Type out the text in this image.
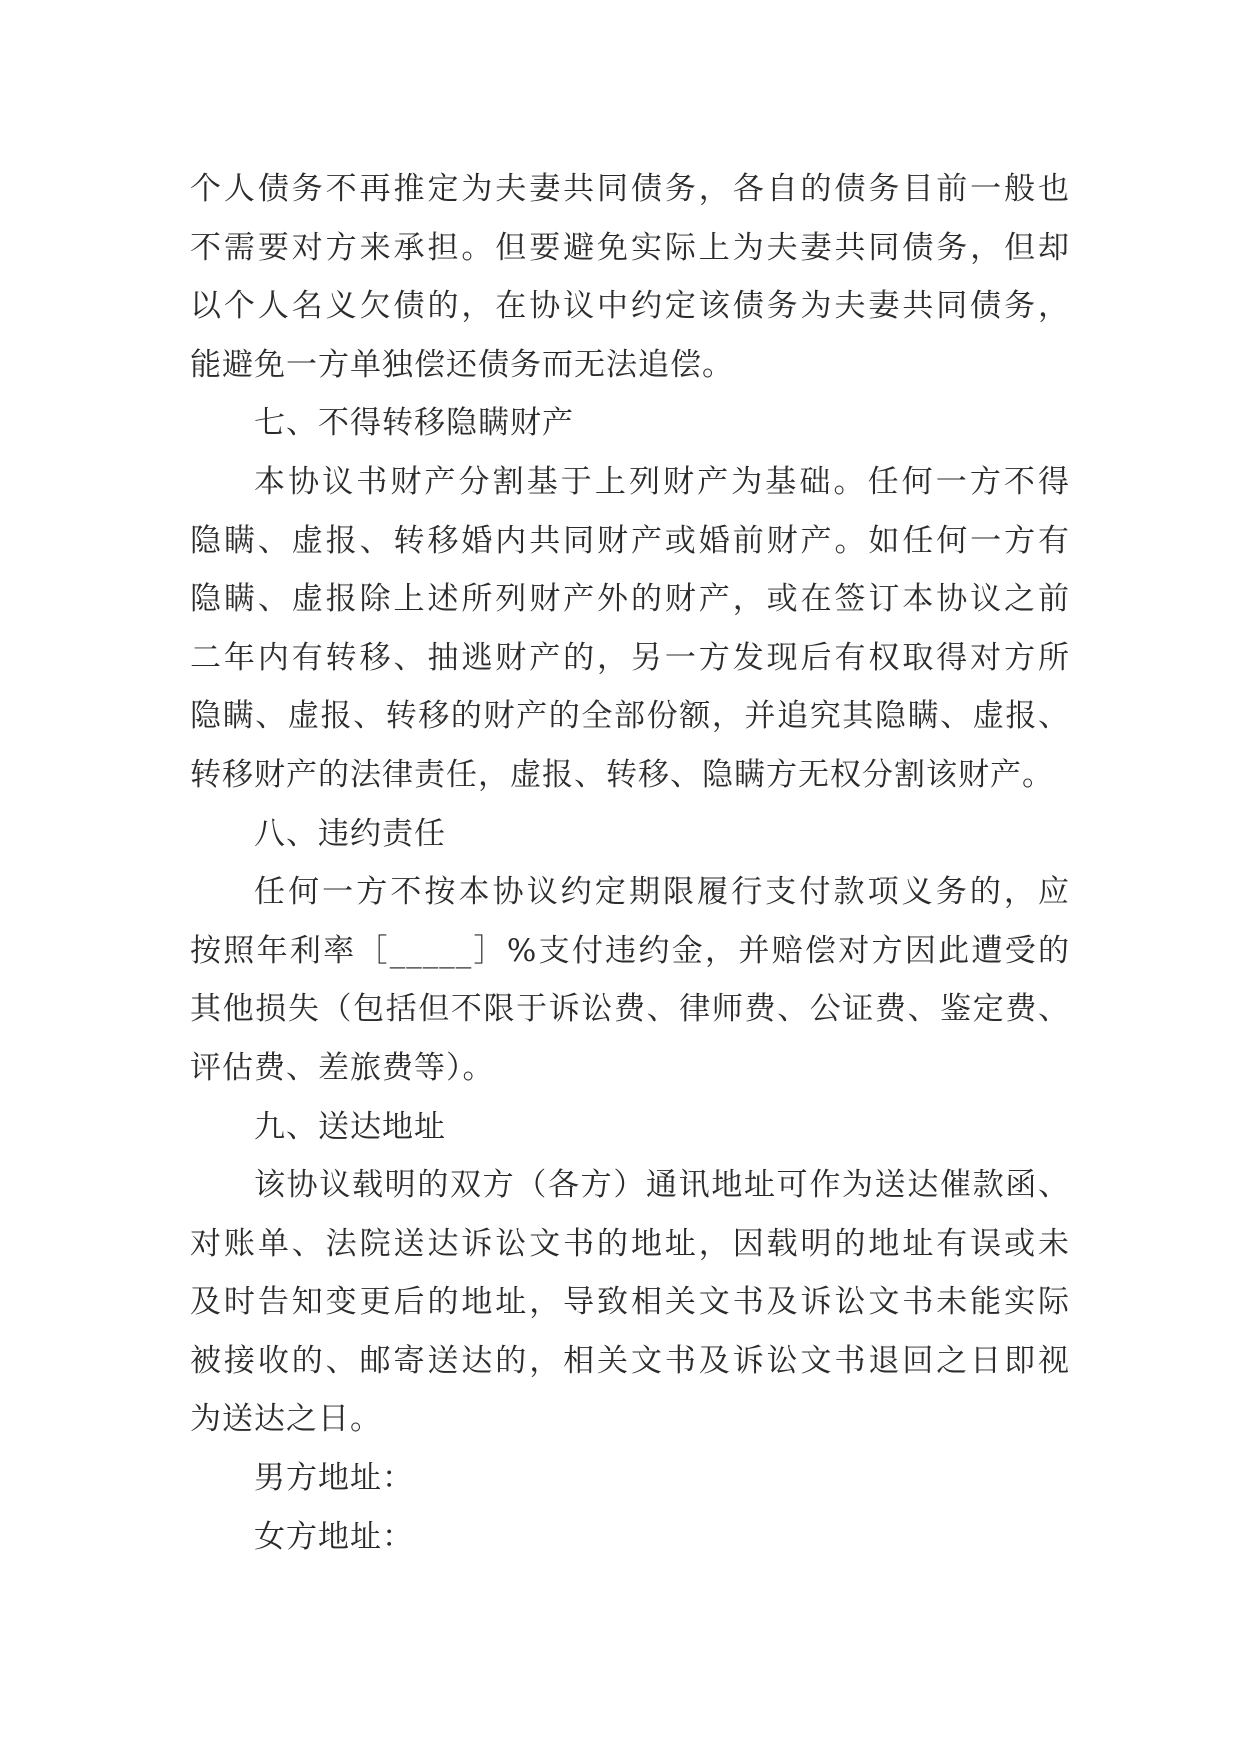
个人债务不再推定为夫妻共同债务，各自的债务目前一般也
不需要对方来承担。但要避免实际上为夫妻共同债务，但却
以个人名义欠债的，在协议中约定该债务为夫妻共同债务，
能避免一方单独偿还债务而无法追偿。
七、不得转移隐瞒财产
本协议书财产分割基于上列财产为基础。任何一方不得
隐瞒、虚报、转移婚内共同财产或婚前财产。如任何一方有
隐瞒、虚报除上述所列财产外的财产，或在签订本协议之前
二年内有转移、抽逃财产的，另一方发现后有权取得对方所
隐瞒、虚报、转移的财产的全部份额，并追究其隐瞒、虚报、
转移财产的法律责任，虚报、转移、隐瞒方无权分割该财产。
八、违约责任
任何一方不按本协议约定期限履行支付款项义务的，应
按照年利率［_____］%支付违约金，并赔偿对方因此遭受的
其他损失（包括但不限于诉讼费、律师费、公证费、鉴定费、
评估费、差旅费等）。
九、送达地址
该协议载明的双方（各方）通讯地址可作为送达催款函、
对账单、法院送达诉讼文书的地址，因载明的地址有误或未
及时告知变更后的地址，导致相关文书及诉讼文书未能实际
被接收的、邮寄送达的，相关文书及诉讼文书退回之日即视
为送达之日。
男方地址：
女方地址：
